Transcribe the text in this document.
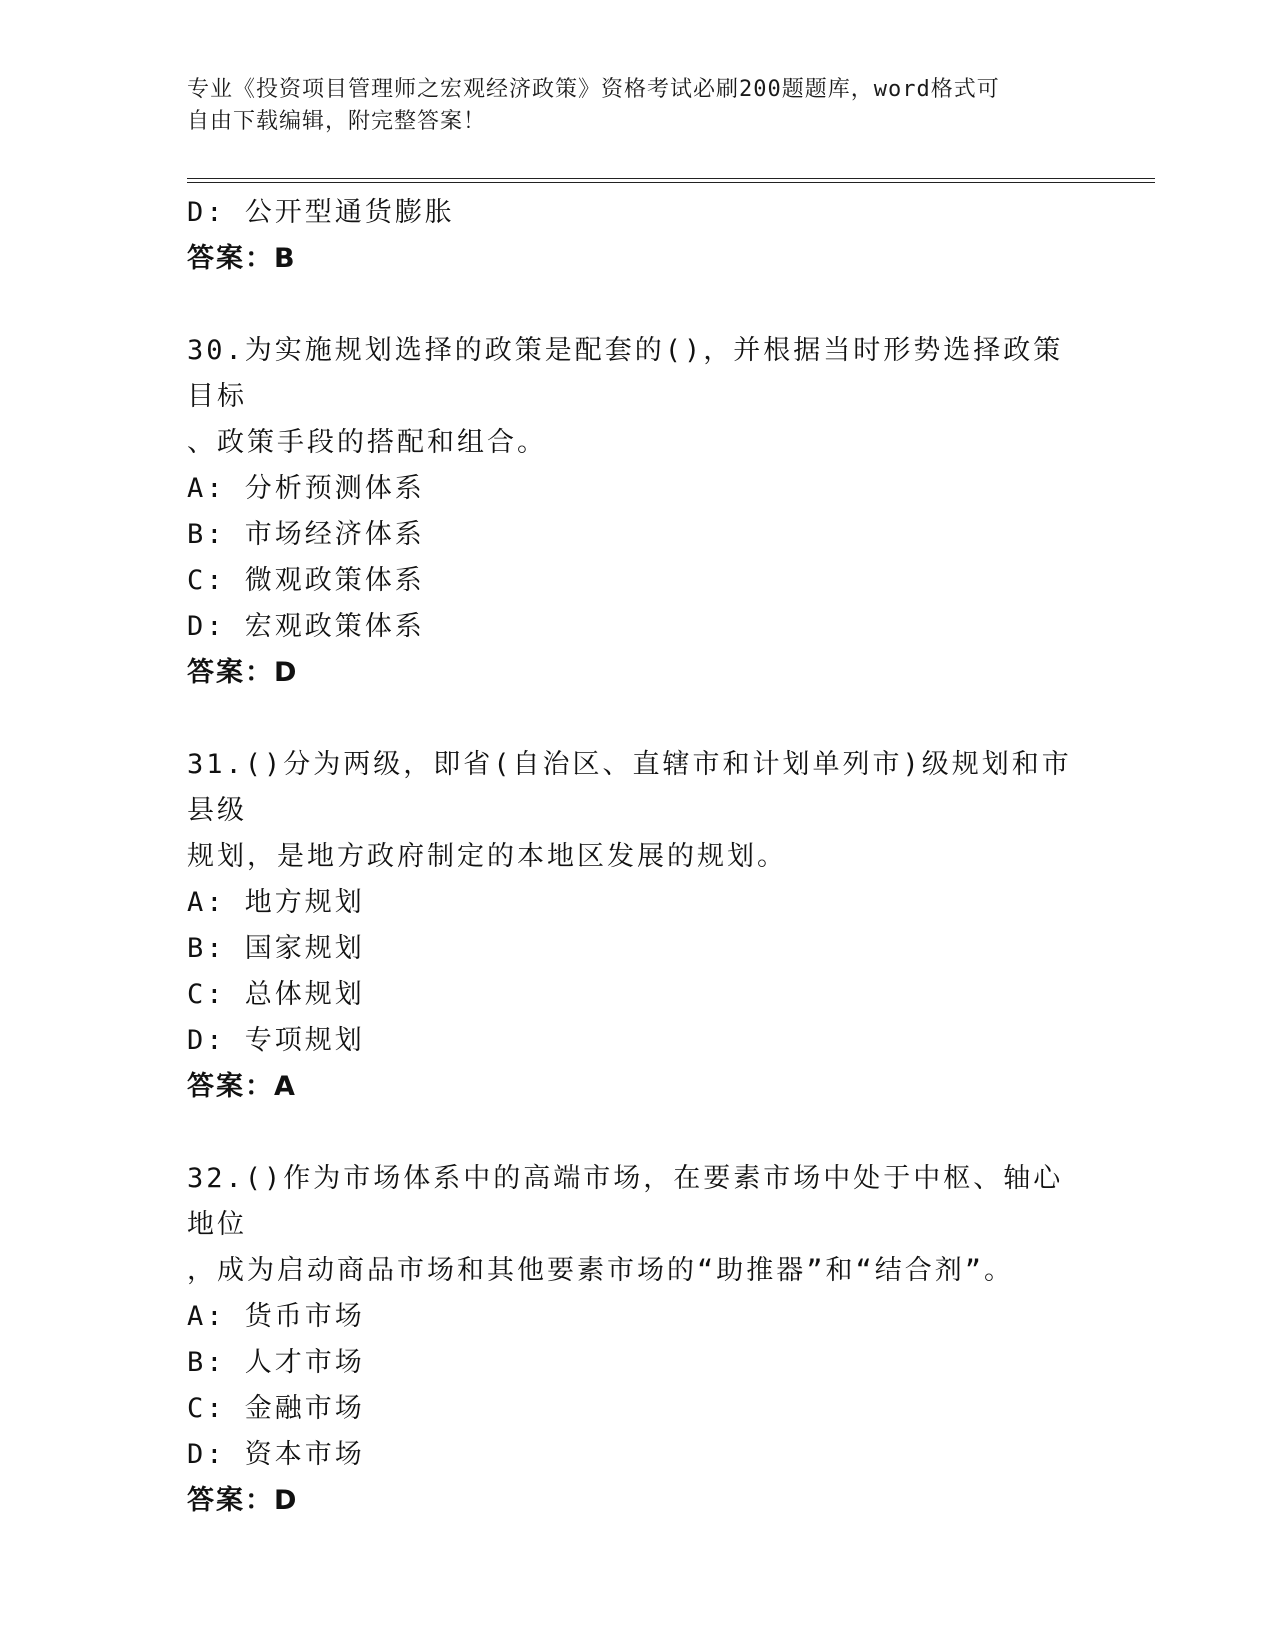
专业《投资项目管理师之宏观经济政策》资格考试必刷200题题库，word格式可
自由下载编辑，附完整答案！
D: 公开型通货膨胀
答案：B
30.为实施规划选择的政策是配套的()，并根据当时形势选择政策目标
、政策手段的搭配和组合。
A: 分析预测体系
B: 市场经济体系
C: 微观政策体系
D: 宏观政策体系
答案：D
31.()分为两级，即省(自治区、直辖市和计划单列市)级规划和市县级
规划，是地方政府制定的本地区发展的规划。
A: 地方规划
B: 国家规划
C: 总体规划
D: 专项规划
答案：A
32.()作为市场体系中的高端市场，在要素市场中处于中枢、轴心地位
，成为启动商品市场和其他要素市场的“助推器”和“结合剂”。
A: 货币市场
B: 人才市场
C: 金融市场
D: 资本市场
答案：D
